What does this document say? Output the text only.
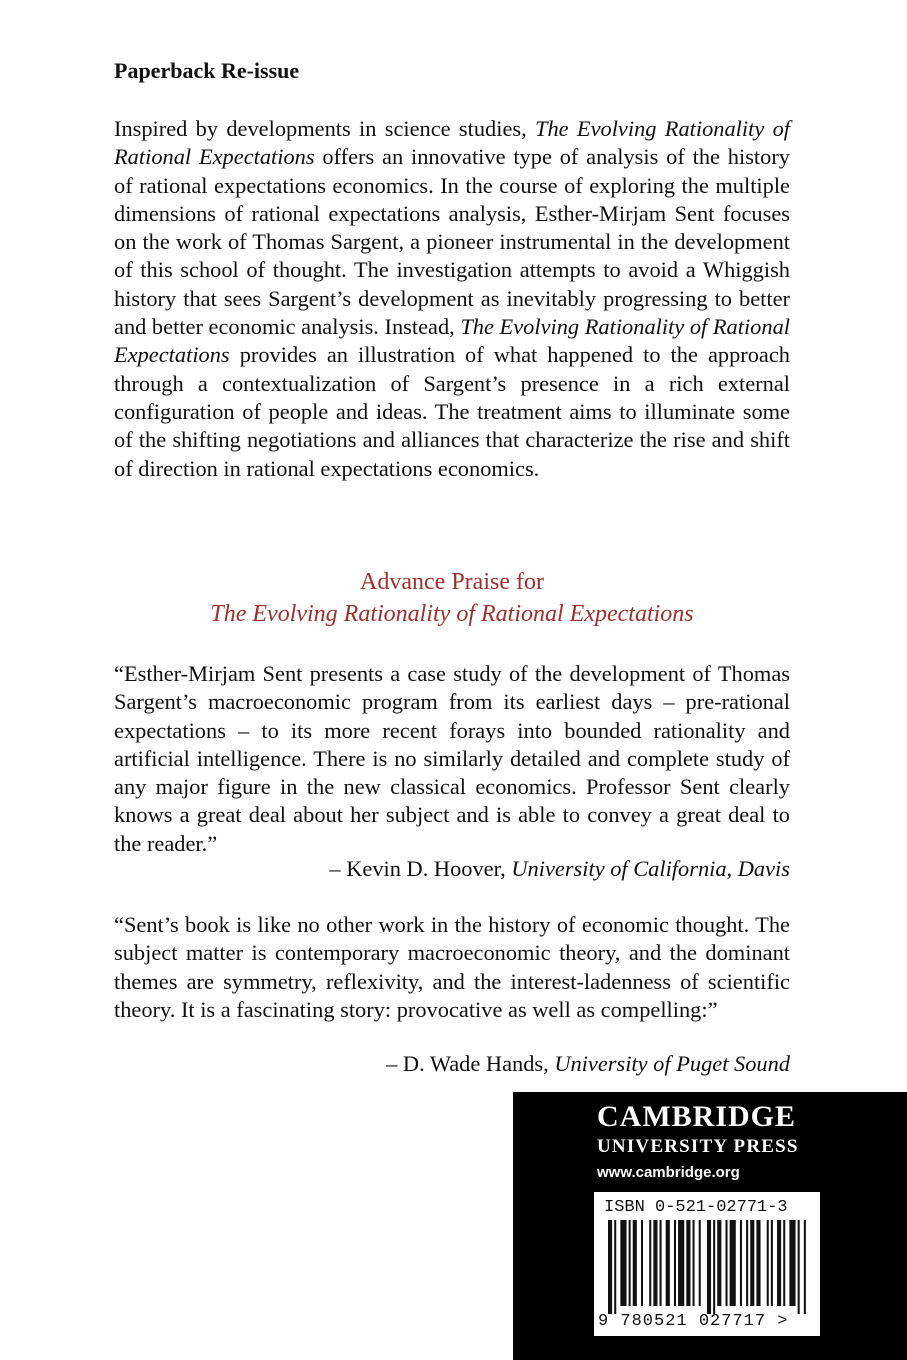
Paperback Re-issue

Inspired by developments in science studies, The Evolving Rationality of Rational Expectations offers an innovative type of analysis of the history of rational expectations economics. In the course of exploring the multiple dimensions of rational expectations analysis, Esther-Mirjam Sent focuses on the work of Thomas Sargent, a pioneer instrumental in the development of this school of thought. The investigation attempts to avoid a Whiggish history that sees Sargent’s development as inevitably progressing to better and better economic analysis. Instead, The Evolving Rationality of Rational Expectations provides an illustration of what happened to the approach through a contextualization of Sargent’s presence in a rich external configuration of people and ideas. The treatment aims to illuminate some of the shifting negotiations and alliances that characterize the rise and shift of direction in rational expectations economics.

Advance Praise for
The Evolving Rationality of Rational Expectations

“Esther-Mirjam Sent presents a case study of the development of Thomas Sargent’s macroeconomic program from its earliest days – pre-rational expectations – to its more recent forays into bounded rationality and artificial intelligence. There is no similarly detailed and complete study of any major figure in the new classical economics. Professor Sent clearly knows a great deal about her subject and is able to convey a great deal to the reader.”

– Kevin D. Hoover, University of California, Davis

“Sent’s book is like no other work in the history of economic thought. The subject matter is contemporary macroeconomic theory, and the dominant themes are symmetry, reflexivity, and the interest-ladenness of scientific theory. It is a fascinating story: provocative as well as compelling:”

– D. Wade Hands, University of Puget Sound
CAMBRIDGE
UNIVERSITY PRESS
www.cambridge.org
ISBN 0-521-02771-3
9 780521 027717 >
